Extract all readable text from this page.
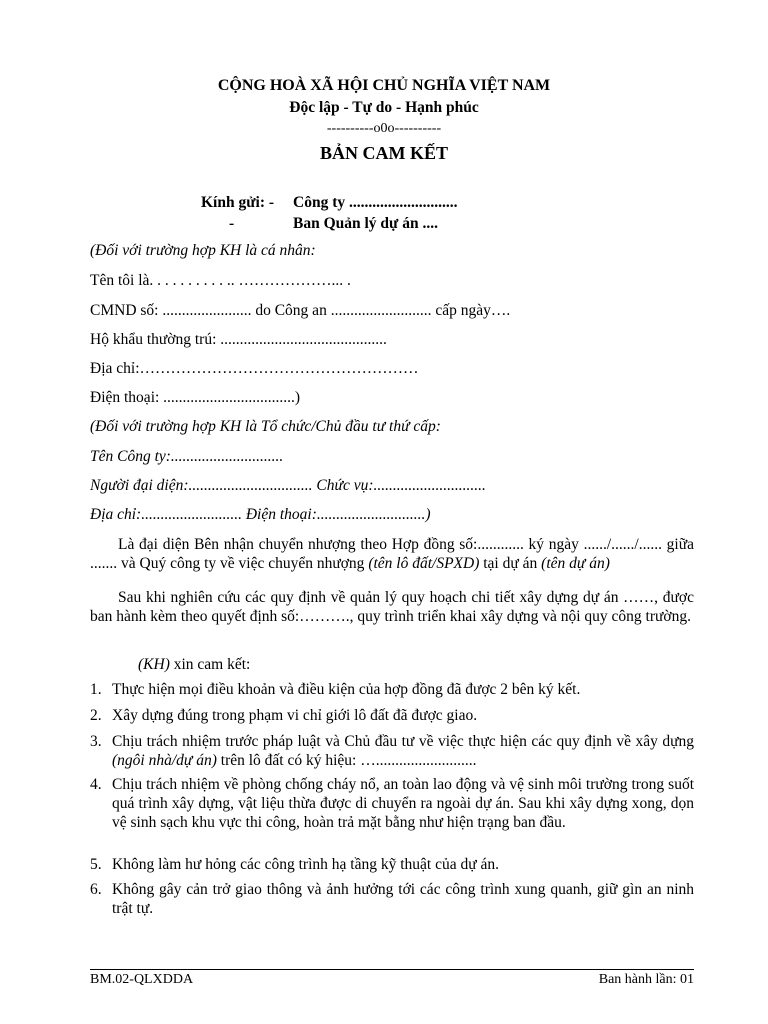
CỘNG HOÀ XÃ HỘI CHỦ NGHĨA VIỆT NAM
Độc lập - Tự do - Hạnh phúc
----------o0o----------
BẢN CAM KẾT
Kính gửi: - Công ty ............................
-	Ban Quản lý dự án ....
(Đối với trường hợp KH là cá nhân:
Tên tôi là. . . . . . . . . . .. ………………... .
CMND số: ....................... do Công an .......................... cấp ngày….
Hộ khẩu thường trú: ...........................................
Địa chỉ:………………………………………………
Điện thoại: ..................................)
(Đối với trường hợp KH là Tổ chức/Chủ đầu tư thứ cấp:
Tên Công ty:.............................
Người đại diện:................................ Chức vụ:.............................
Địa chỉ:.......................... Điện thoại:............................)

Là đại diện Bên nhận chuyển nhượng theo Hợp đồng số:............ ký ngày ....../....../...... giữa ....... và Quý công ty về việc chuyển nhượng (tên lô đất/SPXD) tại dự án (tên dự án)

Sau khi nghiên cứu các quy định về quản lý quy hoạch chi tiết xây dựng dự án ……, được ban hành kèm theo quyết định số:………., quy trình triển khai xây dựng và nội quy công trường.

(KH) xin cam kết:
1. Thực hiện mọi điều khoản và điều kiện của hợp đồng đã được 2 bên ký kết.
2. Xây dựng đúng trong phạm vi chỉ giới lô đất đã được giao.
3. Chịu trách nhiệm trước pháp luật và Chủ đầu tư về việc thực hiện các quy định về xây dựng (ngôi nhà/dự án) trên lô đất có ký hiệu: …..........................
4. Chịu trách nhiệm về phòng chống cháy nổ, an toàn lao động và vệ sinh môi trường trong suốt quá trình xây dựng, vật liệu thừa được di chuyển ra ngoài dự án. Sau khi xây dựng xong, dọn vệ sinh sạch khu vực thi công, hoàn trả mặt bằng như hiện trạng ban đầu.
5. Không làm hư hỏng các công trình hạ tầng kỹ thuật của dự án.
6. Không gây cản trở giao thông và ảnh hưởng tới các công trình xung quanh, giữ gìn an ninh trật tự.
BM.02-QLXDDA	Ban hành lần: 01
